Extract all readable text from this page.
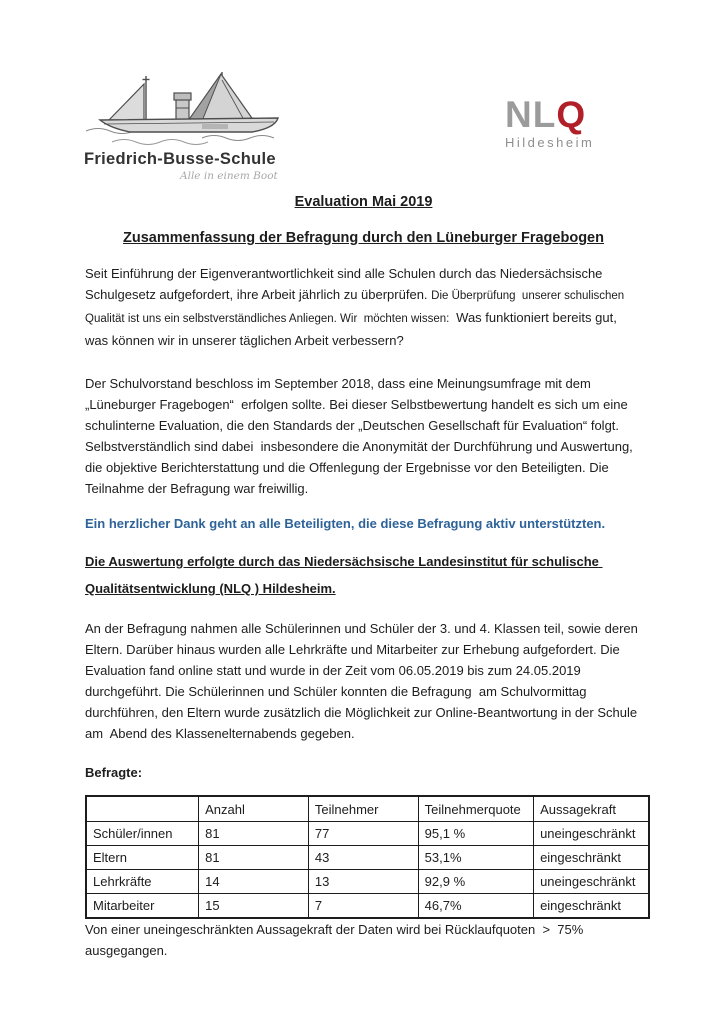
Friedrich-Busse-Schule
Alle in einem Boot
NLQ
Hildesheim
Evaluation Mai 2019
Zusammenfassung der Befragung durch den Lüneburger Fragebogen

Seit Einführung der Eigenverantwortlichkeit sind alle Schulen durch das Niedersächsische Schulgesetz aufgefordert, ihre Arbeit jährlich zu überprüfen. Die Überprüfung  unserer schulischen Qualität ist uns ein selbstverständliches Anliegen. Wir  möchten wissen:  Was funktioniert bereits gut, was können wir in unserer täglichen Arbeit verbessern?

Der Schulvorstand beschloss im September 2018, dass eine Meinungsumfrage mit dem „Lüneburger Fragebogen“  erfolgen sollte. Bei dieser Selbstbewertung handelt es sich um eine schulinterne Evaluation, die den Standards der „Deutschen Gesellschaft für Evaluation“ folgt. Selbstverständlich sind dabei  insbesondere die Anonymität der Durchführung und Auswertung, die objektive Berichterstattung und die Offenlegung der Ergebnisse vor den Beteiligten. Die Teilnahme der Befragung war freiwillig.

Ein herzlicher Dank geht an alle Beteiligten, die diese Befragung aktiv unterstützten.

Die Auswertung erfolgte durch das Niedersächsische Landesinstitut für schulische Qualitätsentwicklung (NLQ ) Hildesheim.

An der Befragung nahmen alle Schülerinnen und Schüler der 3. und 4. Klassen teil, sowie deren Eltern. Darüber hinaus wurden alle Lehrkräfte und Mitarbeiter zur Erhebung aufgefordert. Die Evaluation fand online statt und wurde in der Zeit vom 06.05.2019 bis zum 24.05.2019 durchgeführt. Die Schülerinnen und Schüler konnten die Befragung  am Schulvormittag durchführen, den Eltern wurde zusätzlich die Möglichkeit zur Online-Beantwortung in der Schule am  Abend des Klassenelternabends gegeben.

Befragte:

	Anzahl	Teilnehmer	Teilnehmerquote	Aussagekraft
Schüler/innen	81	77	95,1 %	uneingeschränkt
Eltern	81	43	53,1%	eingeschränkt
Lehrkräfte	14	13	92,9 %	uneingeschränkt
Mitarbeiter	15	7	46,7%	eingeschränkt

Von einer uneingeschränkten Aussagekraft der Daten wird bei Rücklaufquoten  >  75% ausgegangen.
